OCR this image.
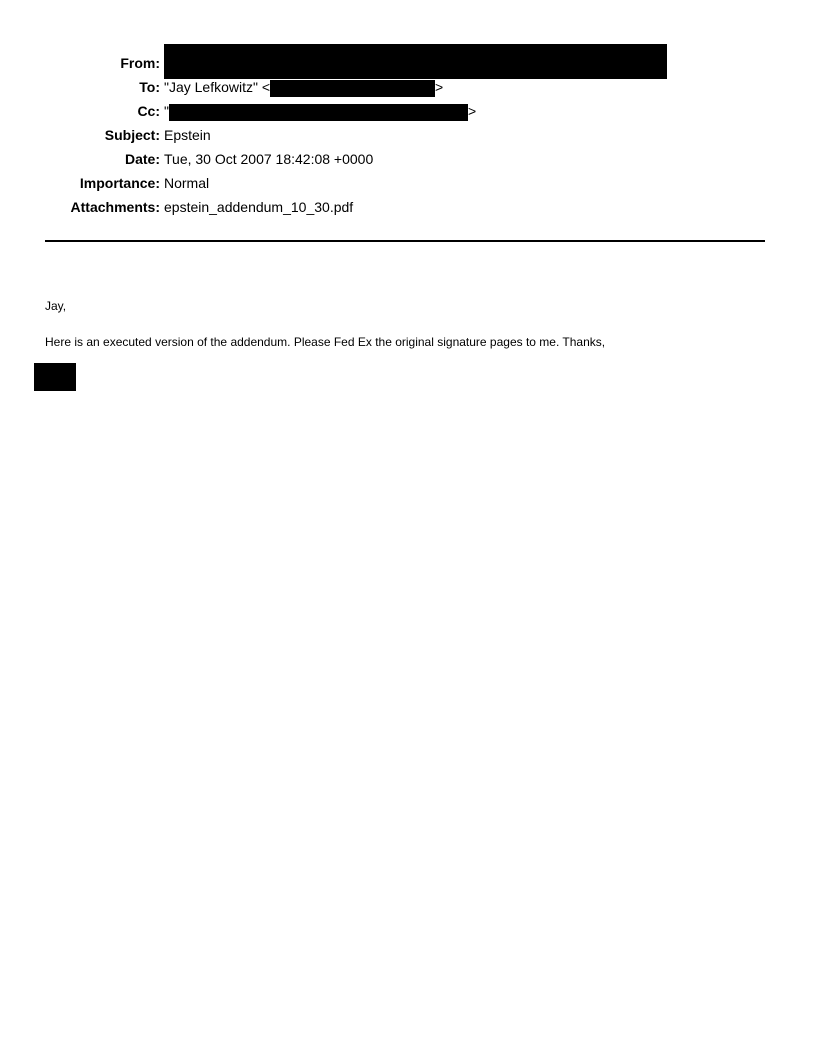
From:
To: "Jay Lefkowitz" <	>
Cc: "	>
Subject: Epstein
Date: Tue, 30 Oct 2007 18:42:08 +0000
Importance: Normal
Attachments: epstein_addendum_10_30.pdf
Jay,
Here is an executed version of the addendum. Please Fed Ex the original signature pages to me. Thanks,
